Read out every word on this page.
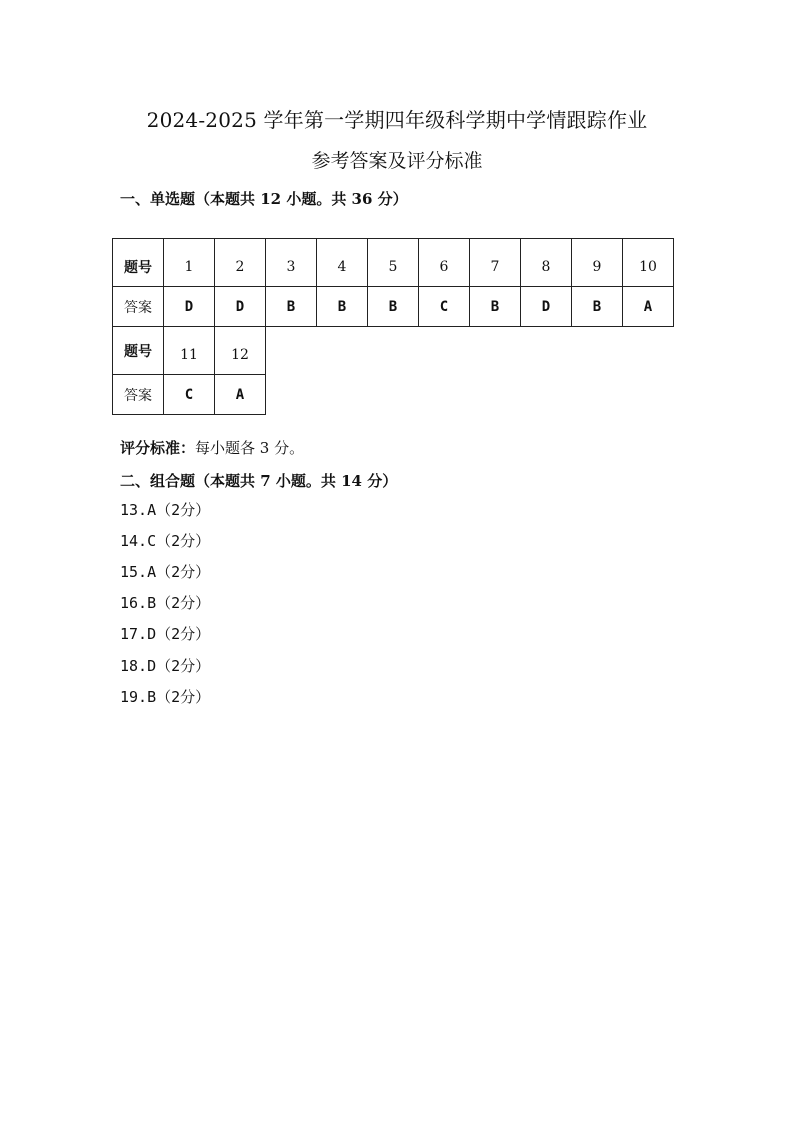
2024-2025 学年第一学期四年级科学期中学情跟踪作业
参考答案及评分标准
一、单选题（本题共 12 小题。共 36 分）
题号	1	2	3	4	5	6	7	8	9	10
答案	D	D	B	B	B	C	B	D	B	A
题号	11	12								
答案	C	A								
评分标准：每小题各 3 分。
二、组合题（本题共 7 小题。共 14 分）
13.A（2分）
14.C（2分）
15.A（2分）
16.B（2分）
17.D（2分）
18.D（2分）
19.B（2分）
